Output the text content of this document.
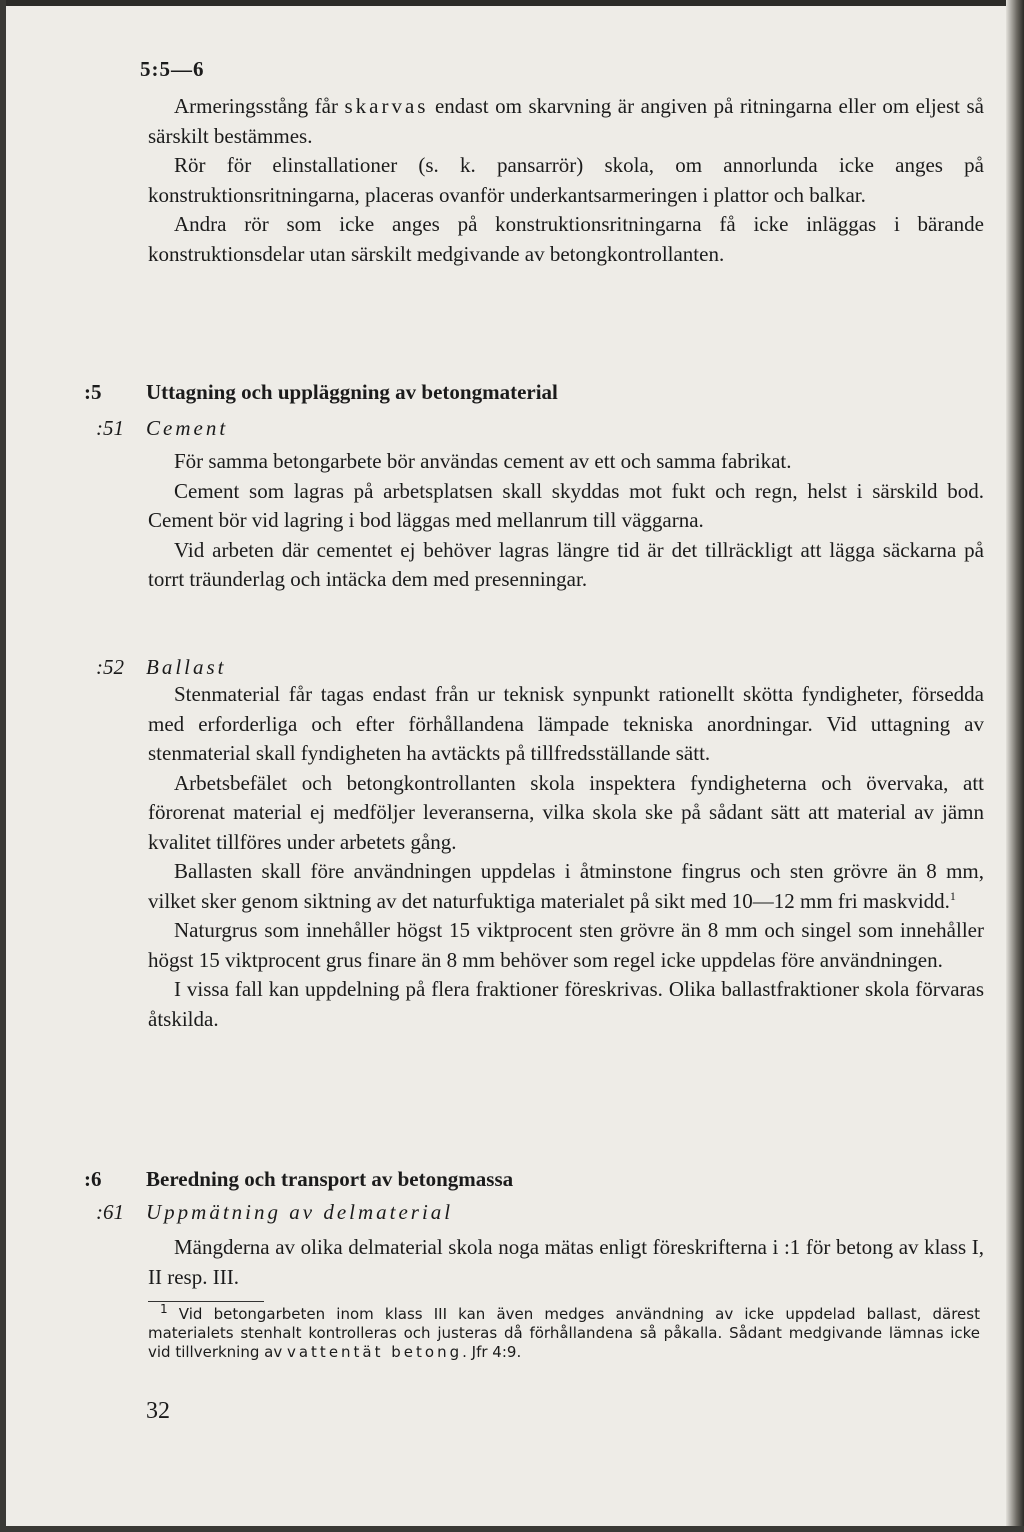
5:5—6

Armeringsstång får skarvas endast om skarvning är angiven på ritningarna eller om eljest så särskilt bestämmes.

Rör för elinstallationer (s. k. pansarrör) skola, om annorlunda icke anges på konstruktionsritningarna, placeras ovanför underkantsarmeringen i plattor och balkar.

Andra rör som icke anges på konstruktionsritningarna få icke inläggas i bärande konstruktionsdelar utan särskilt medgivande av betongkontrollanten.

:5 Uttagning och uppläggning av betongmaterial
:51 Cement

För samma betongarbete bör användas cement av ett och samma fabrikat.

Cement som lagras på arbetsplatsen skall skyddas mot fukt och regn, helst i särskild bod. Cement bör vid lagring i bod läggas med mellanrum till väggarna.

Vid arbeten där cementet ej behöver lagras längre tid är det tillräckligt att lägga säckarna på torrt träunderlag och intäcka dem med presenningar.

:52 Ballast

Stenmaterial får tagas endast från ur teknisk synpunkt rationellt skötta fyndigheter, försedda med erforderliga och efter förhållandena lämpade tekniska anordningar. Vid uttagning av stenmaterial skall fyndigheten ha avtäckts på tillfredsställande sätt.

Arbetsbefälet och betongkontrollanten skola inspektera fyndigheterna och övervaka, att förorenat material ej medföljer leveranserna, vilka skola ske på sådant sätt att material av jämn kvalitet tillföres under arbetets gång.

Ballasten skall före användningen uppdelas i åtminstone fingrus och sten grövre än 8 mm, vilket sker genom siktning av det naturfuktiga materialet på sikt med 10—12 mm fri maskvidd.$^1$

Naturgrus som innehåller högst 15 viktprocent sten grövre än 8 mm och singel som innehåller högst 15 viktprocent grus finare än 8 mm behöver som regel icke uppdelas före användningen.

I vissa fall kan uppdelning på flera fraktioner föreskrivas. Olika ballastfraktioner skola förvaras åtskilda.

:6 Beredning och transport av betongmassa
:61 Uppmätning av delmaterial

Mängderna av olika delmaterial skola noga mätas enligt föreskrifterna i :1 för betong av klass I, II resp. III.

$^1$ Vid betongarbeten inom klass III kan även medges användning av icke uppdelad ballast, därest materialets stenhalt kontrolleras och justeras då förhållandena så påkalla. Sådant medgivande lämnas icke vid tillverkning av vattentät betong. Jfr 4:9.

32
